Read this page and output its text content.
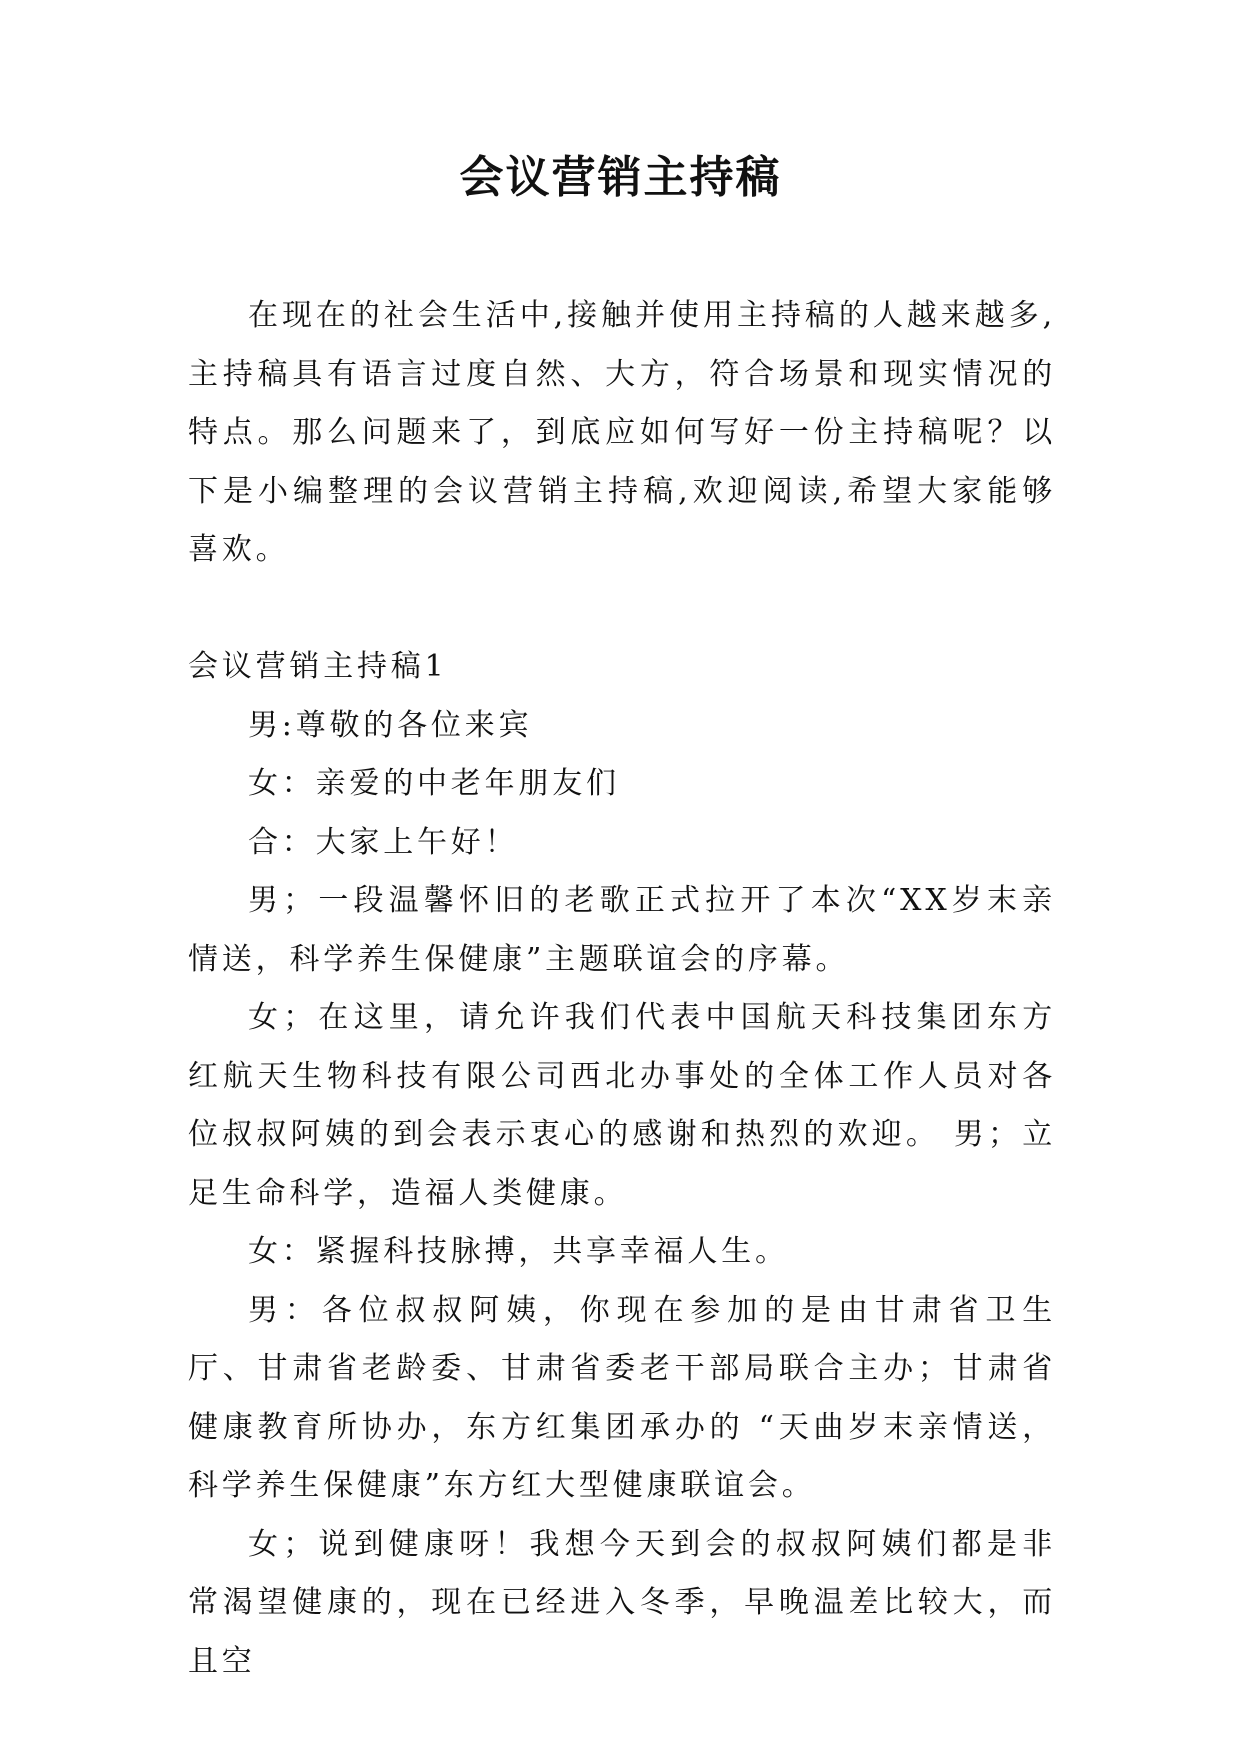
会议营销主持稿

在现在的社会生活中,接触并使用主持稿的人越来越多,主持稿具有语言过度自然、大方，符合场景和现实情况的特点。那么问题来了，到底应如何写好一份主持稿呢？以下是小编整理的会议营销主持稿,欢迎阅读,希望大家能够喜欢。

会议营销主持稿1

男:尊敬的各位来宾

女：亲爱的中老年朋友们

合：大家上午好！

男；一段温馨怀旧的老歌正式拉开了本次“XX岁末亲情送，科学养生保健康”主题联谊会的序幕。

女；在这里，请允许我们代表中国航天科技集团东方红航天生物科技有限公司西北办事处的全体工作人员对各位叔叔阿姨的到会表示衷心的感谢和热烈的欢迎。 男；立足生命科学，造福人类健康。

女：紧握科技脉搏，共享幸福人生。

男：各位叔叔阿姨，你现在参加的是由甘肃省卫生厅、甘肃省老龄委、甘肃省委老干部局联合主办；甘肃省健康教育所协办，东方红集团承办的 “天曲岁末亲情送，科学养生保健康”东方红大型健康联谊会。

女；说到健康呀！我想今天到会的叔叔阿姨们都是非常渴望健康的，现在已经进入冬季，早晚温差比较大，而且空
